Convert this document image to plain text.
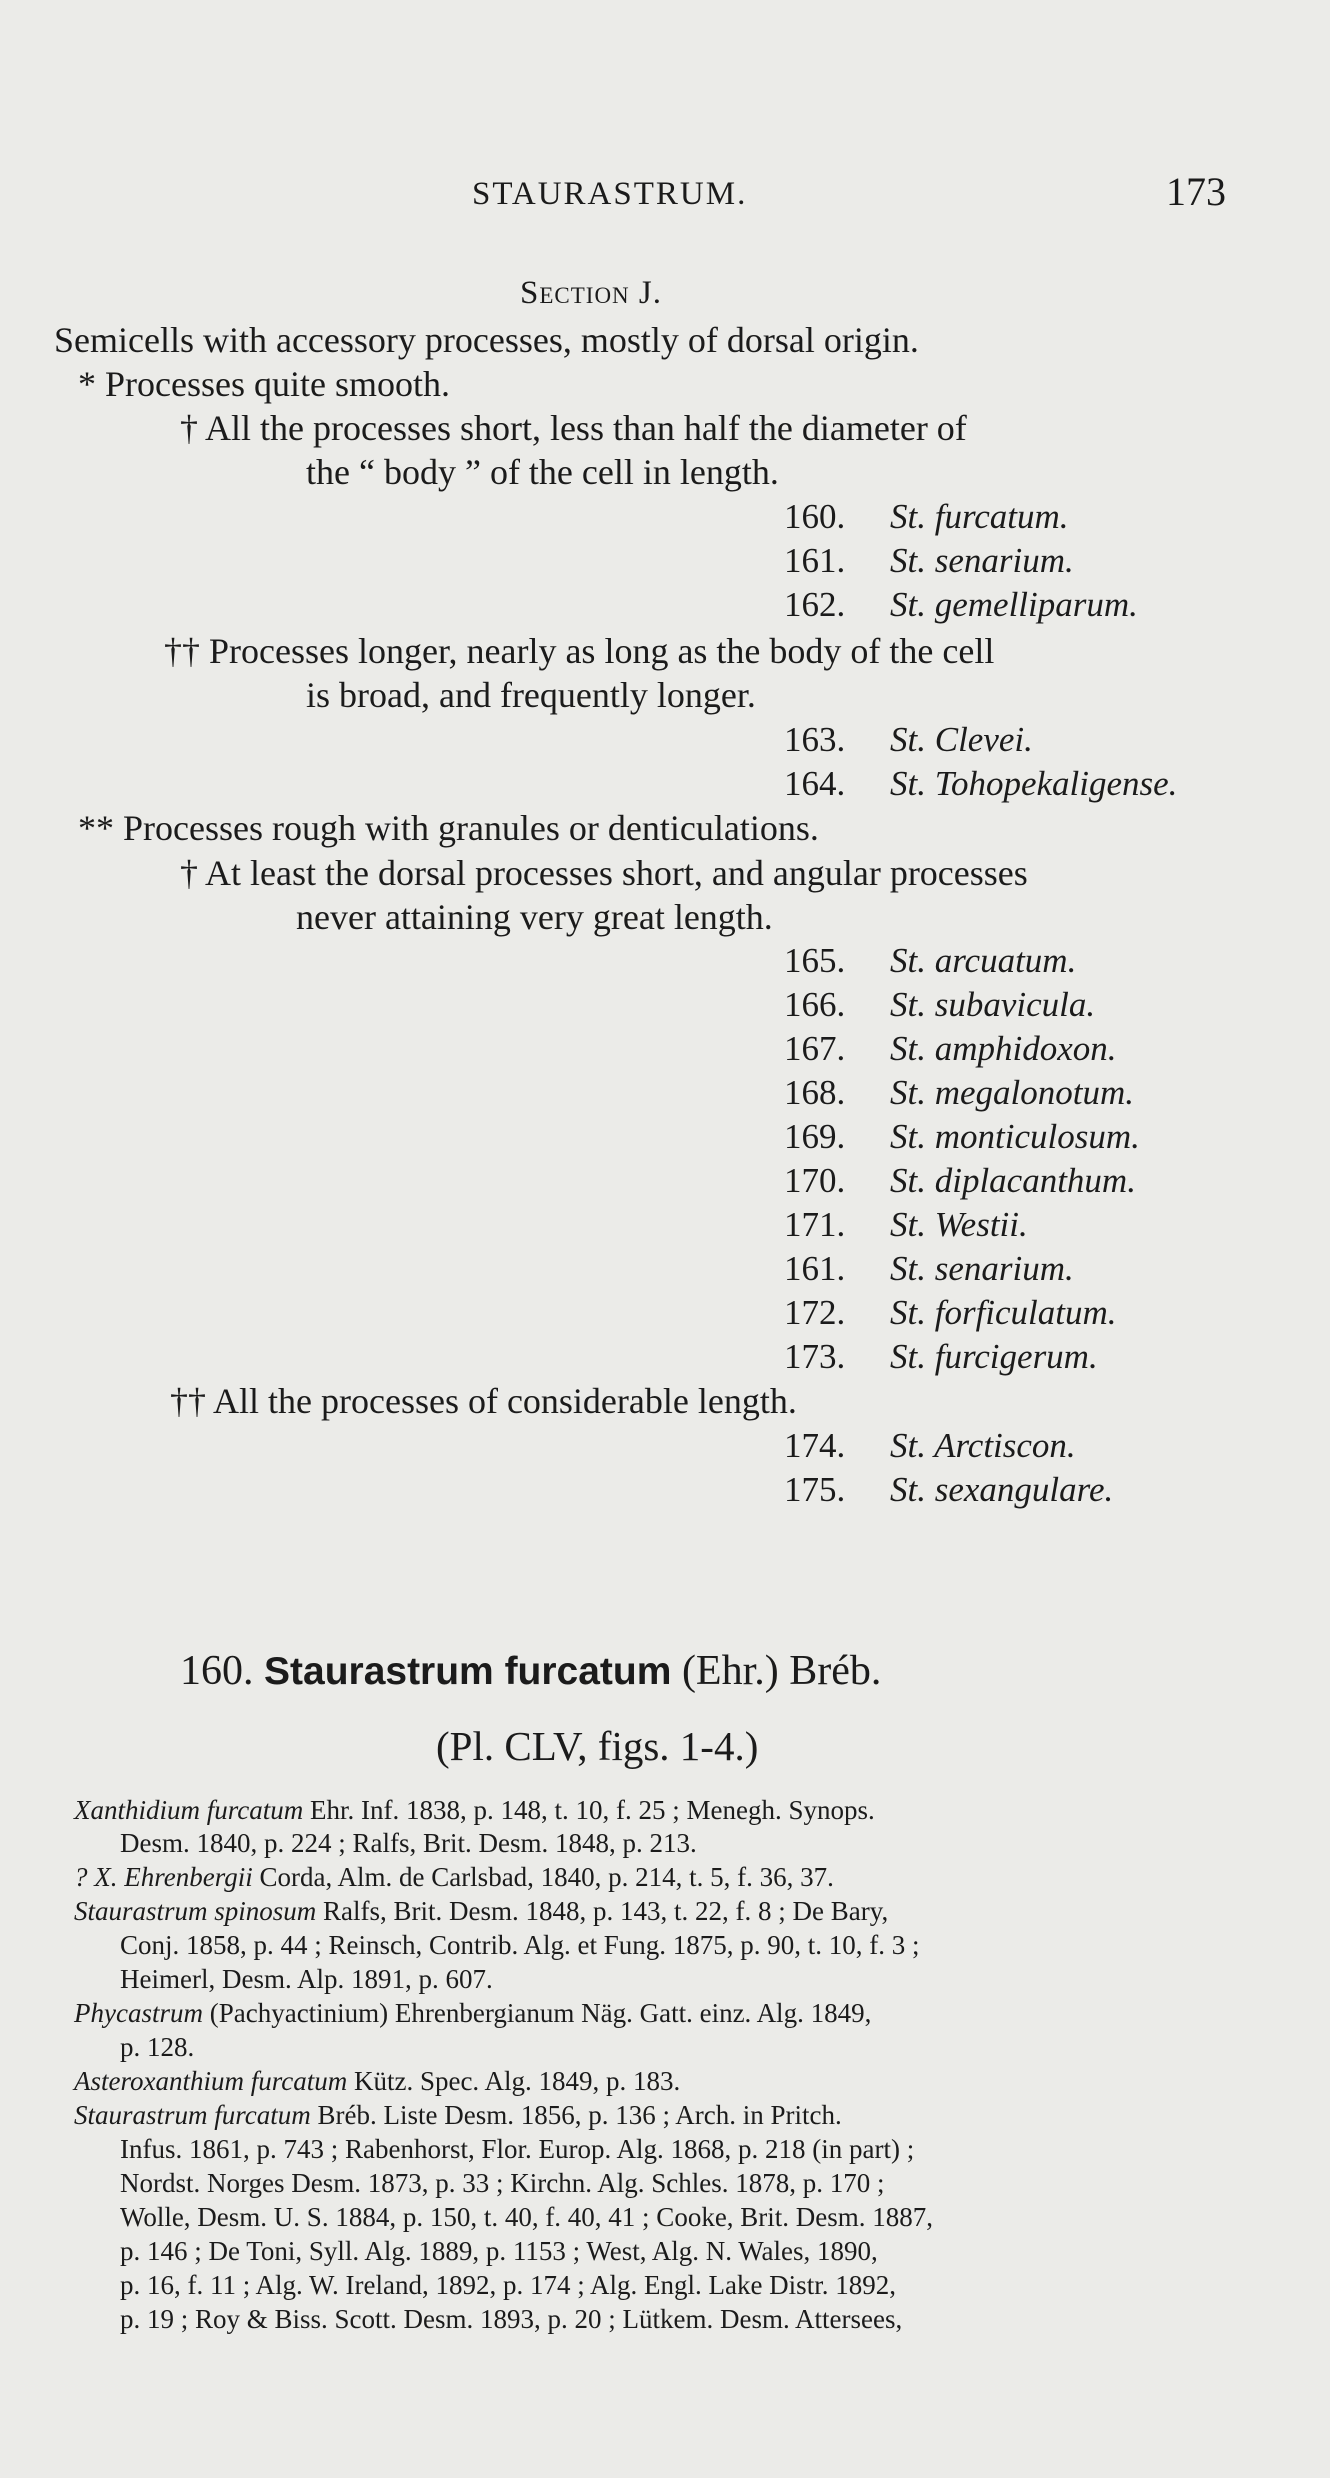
STAURASTRUM.	173
Section J.
Semicells with accessory processes, mostly of dorsal origin.
* Processes quite smooth.
† All the processes short, less than half the diameter of
the “ body ” of the cell in length.
160. St. furcatum.
161. St. senarium.
162. St. gemelliparum.
†† Processes longer, nearly as long as the body of the cell
is broad, and frequently longer.
163. St. Clevei.
164. St. Tohopekaligense.
** Processes rough with granules or denticulations.
† At least the dorsal processes short, and angular processes
never attaining very great length.
165. St. arcuatum.
166. St. subavicula.
167. St. amphidoxon.
168. St. megalonotum.
169. St. monticulosum.
170. St. diplacanthum.
171. St. Westii.
161. St. senarium.
172. St. forficulatum.
173. St. furcigerum.
†† All the processes of considerable length.
174. St. Arctiscon.
175. St. sexangulare.
160. Staurastrum furcatum (Ehr.) Bréb.
(Pl. CLV, figs. 1-4.)
Xanthidium furcatum Ehr. Inf. 1838, p. 148, t. 10, f. 25 ; Menegh. Synops.
Desm. 1840, p. 224 ; Ralfs, Brit. Desm. 1848, p. 213.
? X. Ehrenbergii Corda, Alm. de Carlsbad, 1840, p. 214, t. 5, f. 36, 37.
Staurastrum spinosum Ralfs, Brit. Desm. 1848, p. 143, t. 22, f. 8 ; De Bary,
Conj. 1858, p. 44 ; Reinsch, Contrib. Alg. et Fung. 1875, p. 90, t. 10, f. 3 ;
Heimerl, Desm. Alp. 1891, p. 607.
Phycastrum (Pachyactinium) Ehrenbergianum Näg. Gatt. einz. Alg. 1849,
p. 128.
Asteroxanthium furcatum Kütz. Spec. Alg. 1849, p. 183.
Staurastrum furcatum Bréb. Liste Desm. 1856, p. 136 ; Arch. in Pritch.
Infus. 1861, p. 743 ; Rabenhorst, Flor. Europ. Alg. 1868, p. 218 (in part) ;
Nordst. Norges Desm. 1873, p. 33 ; Kirchn. Alg. Schles. 1878, p. 170 ;
Wolle, Desm. U. S. 1884, p. 150, t. 40, f. 40, 41 ; Cooke, Brit. Desm. 1887,
p. 146 ; De Toni, Syll. Alg. 1889, p. 1153 ; West, Alg. N. Wales, 1890,
p. 16, f. 11 ; Alg. W. Ireland, 1892, p. 174 ; Alg. Engl. Lake Distr. 1892,
p. 19 ; Roy & Biss. Scott. Desm. 1893, p. 20 ; Lütkem. Desm. Attersees,
